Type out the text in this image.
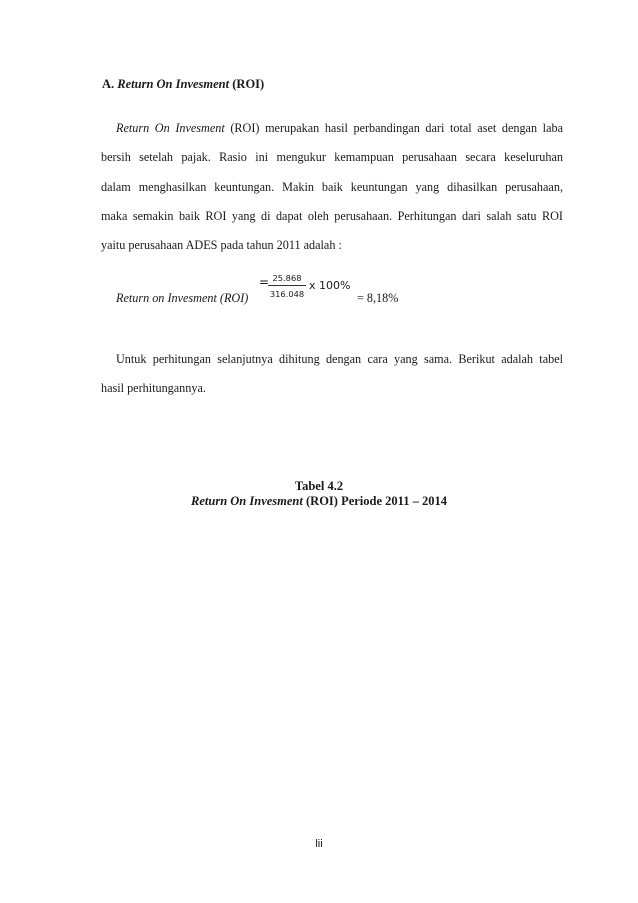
A. Return On Invesment (ROI)
Return On Invesment (ROI) merupakan hasil perbandingan dari total aset dengan laba
bersih setelah pajak. Rasio ini mengukur kemampuan perusahaan secara keseluruhan
dalam menghasilkan keuntungan. Makin baik keuntungan yang dihasilkan perusahaan,
maka semakin baik ROI yang di dapat oleh perusahaan. Perhitungan dari salah satu ROI
yaitu perusahaan ADES pada tahun 2011 adalah :
Return on Invesment (ROI)
= 25.868
316.048
x 100%
= 8,18%
Untuk perhitungan selanjutnya dihitung dengan cara yang sama. Berikut adalah tabel
hasil perhitungannya.
Tabel 4.2
Return On Invesment (ROI) Periode 2011 – 2014
lii
